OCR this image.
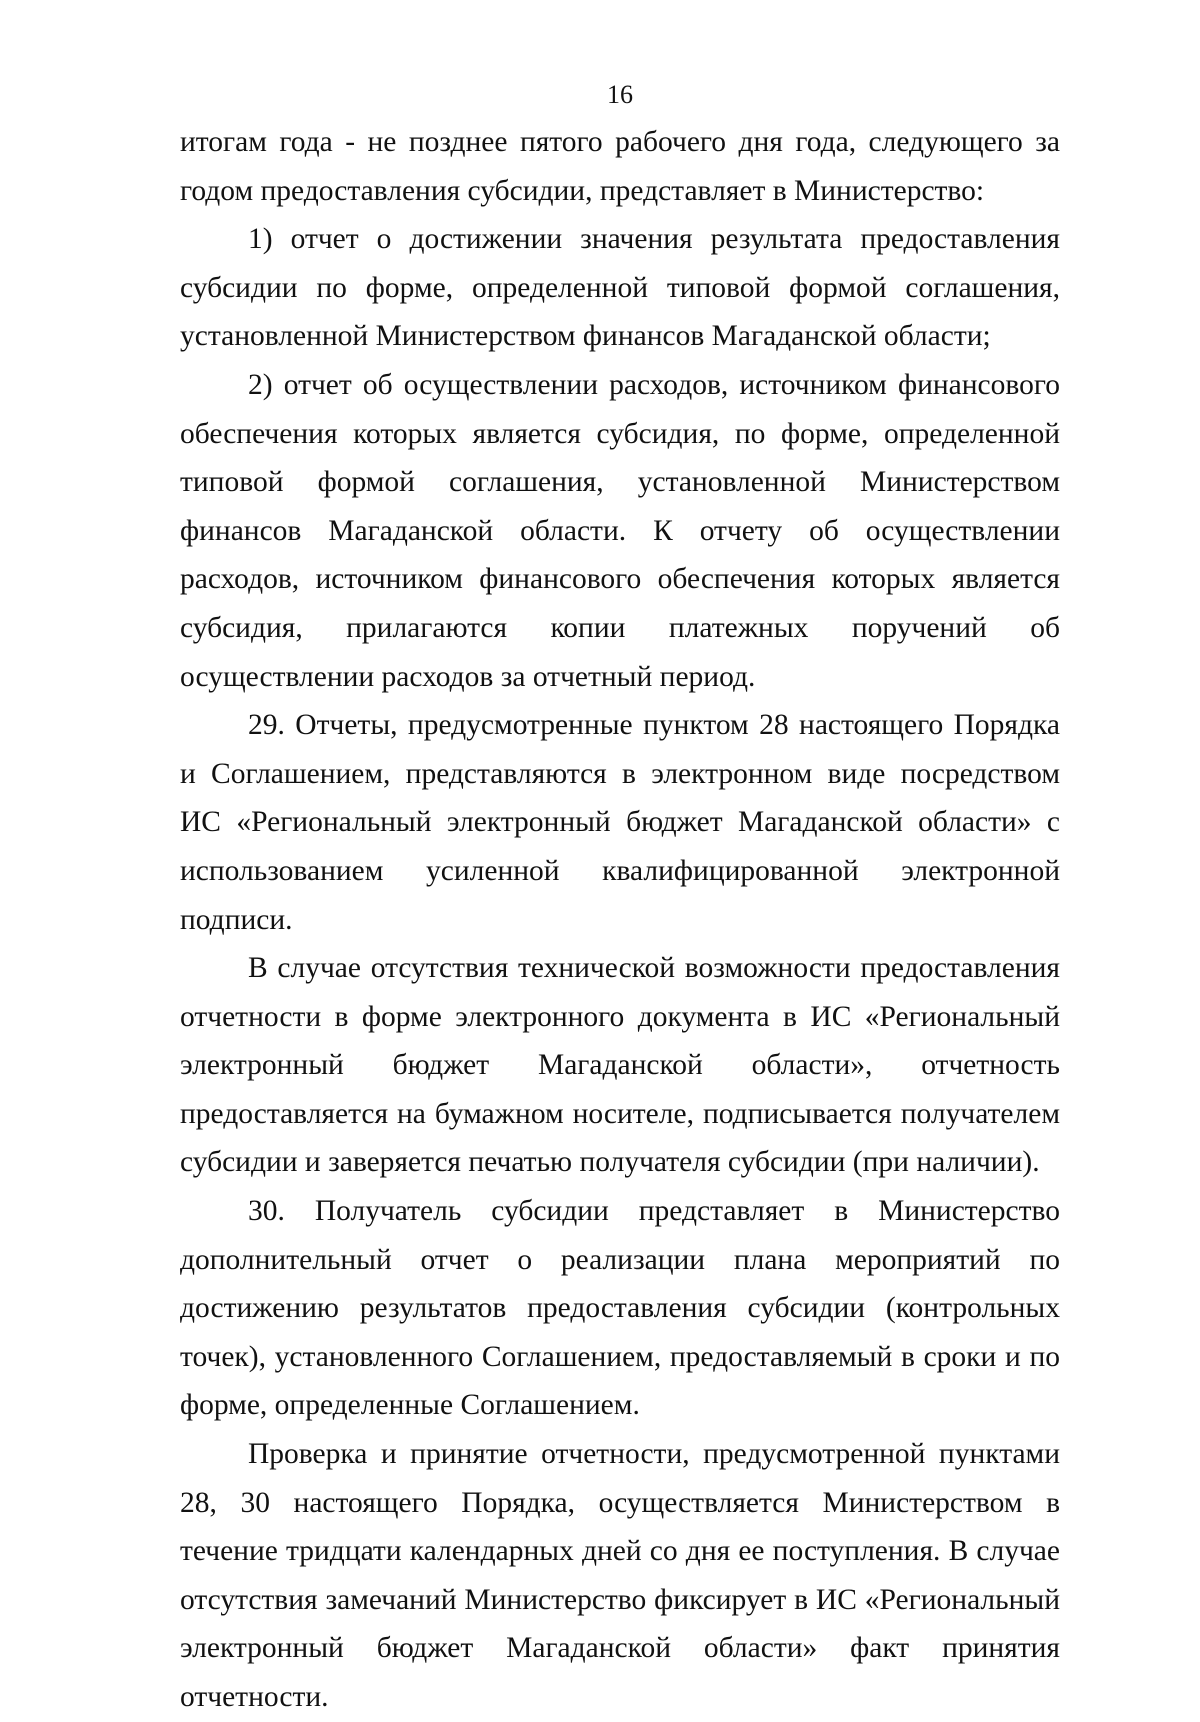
16

итогам года - не позднее пятого рабочего дня года, следующего за годом предоставления субсидии, представляет в Министерство:

1) отчет о достижении значения результата предоставления субсидии по форме, определенной типовой формой соглашения, установленной Министерством финансов Магаданской области;

2) отчет об осуществлении расходов, источником финансового обеспечения которых является субсидия, по форме, определенной типовой формой соглашения, установленной Министерством финансов Магаданской области. К отчету об осуществлении расходов, источником финансового обеспечения которых является субсидия, прилагаются копии платежных поручений об осуществлении расходов за отчетный период.

29. Отчеты, предусмотренные пунктом 28 настоящего Порядка и Соглашением, представляются в электронном виде посредством ИС «Региональный электронный бюджет Магаданской области» с использованием усиленной квалифицированной электронной подписи.

В случае отсутствия технической возможности предоставления отчетности в форме электронного документа в ИС «Региональный электронный бюджет Магаданской области», отчетность предоставляется на бумажном носителе, подписывается получателем субсидии и заверяется печатью получателя субсидии (при наличии).

30. Получатель субсидии представляет в Министерство дополнительный отчет о реализации плана мероприятий по достижению результатов предоставления субсидии (контрольных точек), установленного Соглашением, предоставляемый в сроки и по форме, определенные Соглашением.

Проверка и принятие отчетности, предусмотренной пунктами 28, 30 настоящего Порядка, осуществляется Министерством в течение тридцати календарных дней со дня ее поступления. В случае отсутствия замечаний Министерство фиксирует в ИС «Региональный электронный бюджет Магаданской области» факт принятия отчетности.
